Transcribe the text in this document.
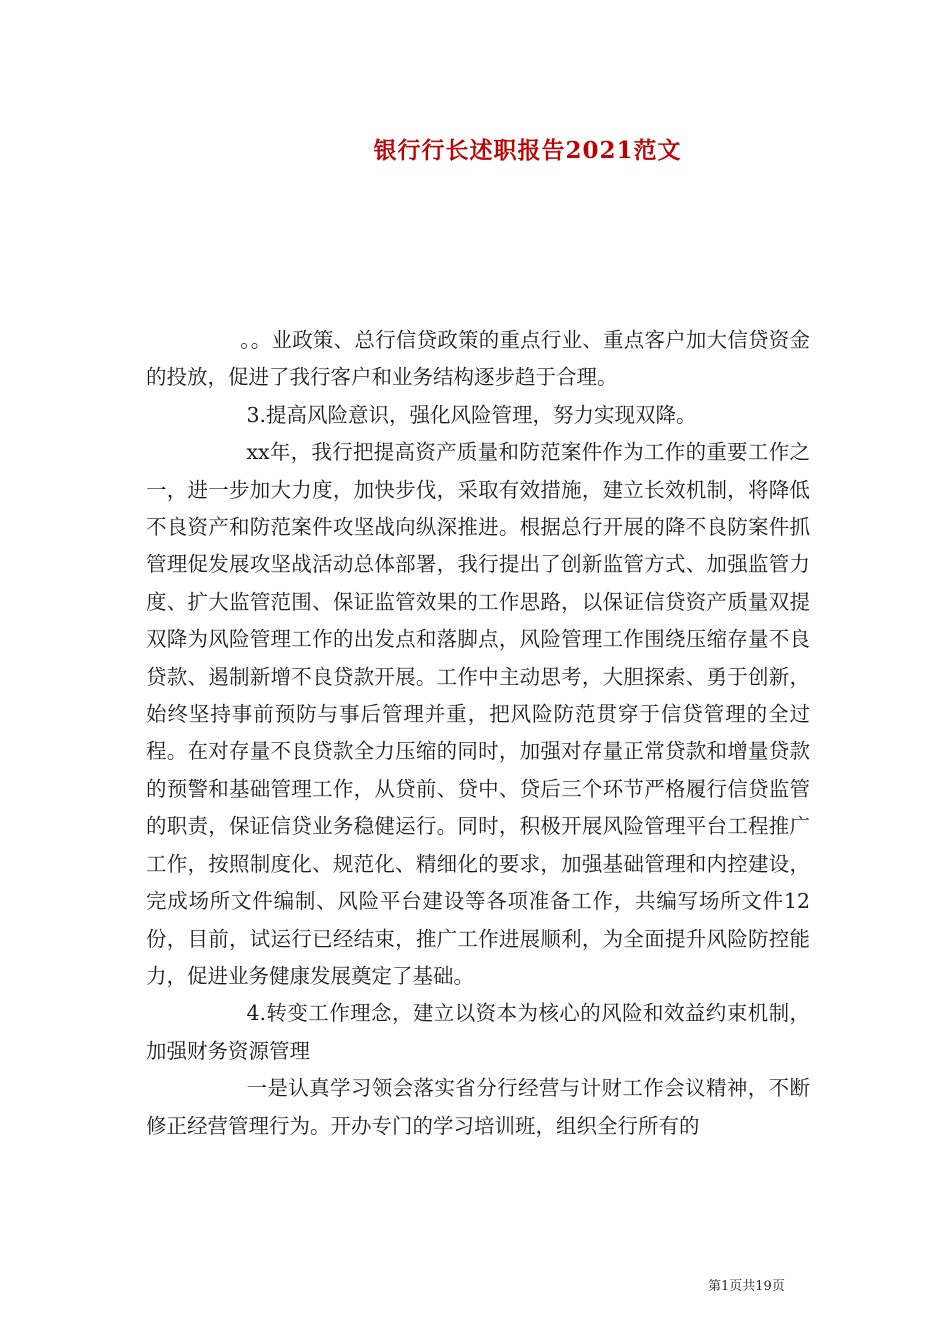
银行行长述职报告2021范文

。。业政策、总行信贷政策的重点行业、重点客户加大信贷资金的投放，促进了我行客户和业务结构逐步趋于合理。

3.提高风险意识，强化风险管理，努力实现双降。

xx年，我行把提高资产质量和防范案件作为工作的重要工作之一，进一步加大力度，加快步伐，采取有效措施，建立长效机制，将降低不良资产和防范案件攻坚战向纵深推进。根据总行开展的降不良防案件抓管理促发展攻坚战活动总体部署，我行提出了创新监管方式、加强监管力度、扩大监管范围、保证监管效果的工作思路，以保证信贷资产质量双提双降为风险管理工作的出发点和落脚点，风险管理工作围绕压缩存量不良贷款、遏制新增不良贷款开展。工作中主动思考，大胆探索、勇于创新，始终坚持事前预防与事后管理并重，把风险防范贯穿于信贷管理的全过程。在对存量不良贷款全力压缩的同时，加强对存量正常贷款和增量贷款的预警和基础管理工作，从贷前、贷中、贷后三个环节严格履行信贷监管的职责，保证信贷业务稳健运行。同时，积极开展风险管理平台工程推广工作，按照制度化、规范化、精细化的要求，加强基础管理和内控建设，完成场所文件编制、风险平台建设等各项准备工作，共编写场所文件12份，目前，试运行已经结束，推广工作进展顺利，为全面提升风险防控能力，促进业务健康发展奠定了基础。

4.转变工作理念，建立以资本为核心的风险和效益约束机制，加强财务资源管理

一是认真学习领会落实省分行经营与计财工作会议精神，不断修正经营管理行为。开办专门的学习培训班，组织全行所有的

第1页共19页
